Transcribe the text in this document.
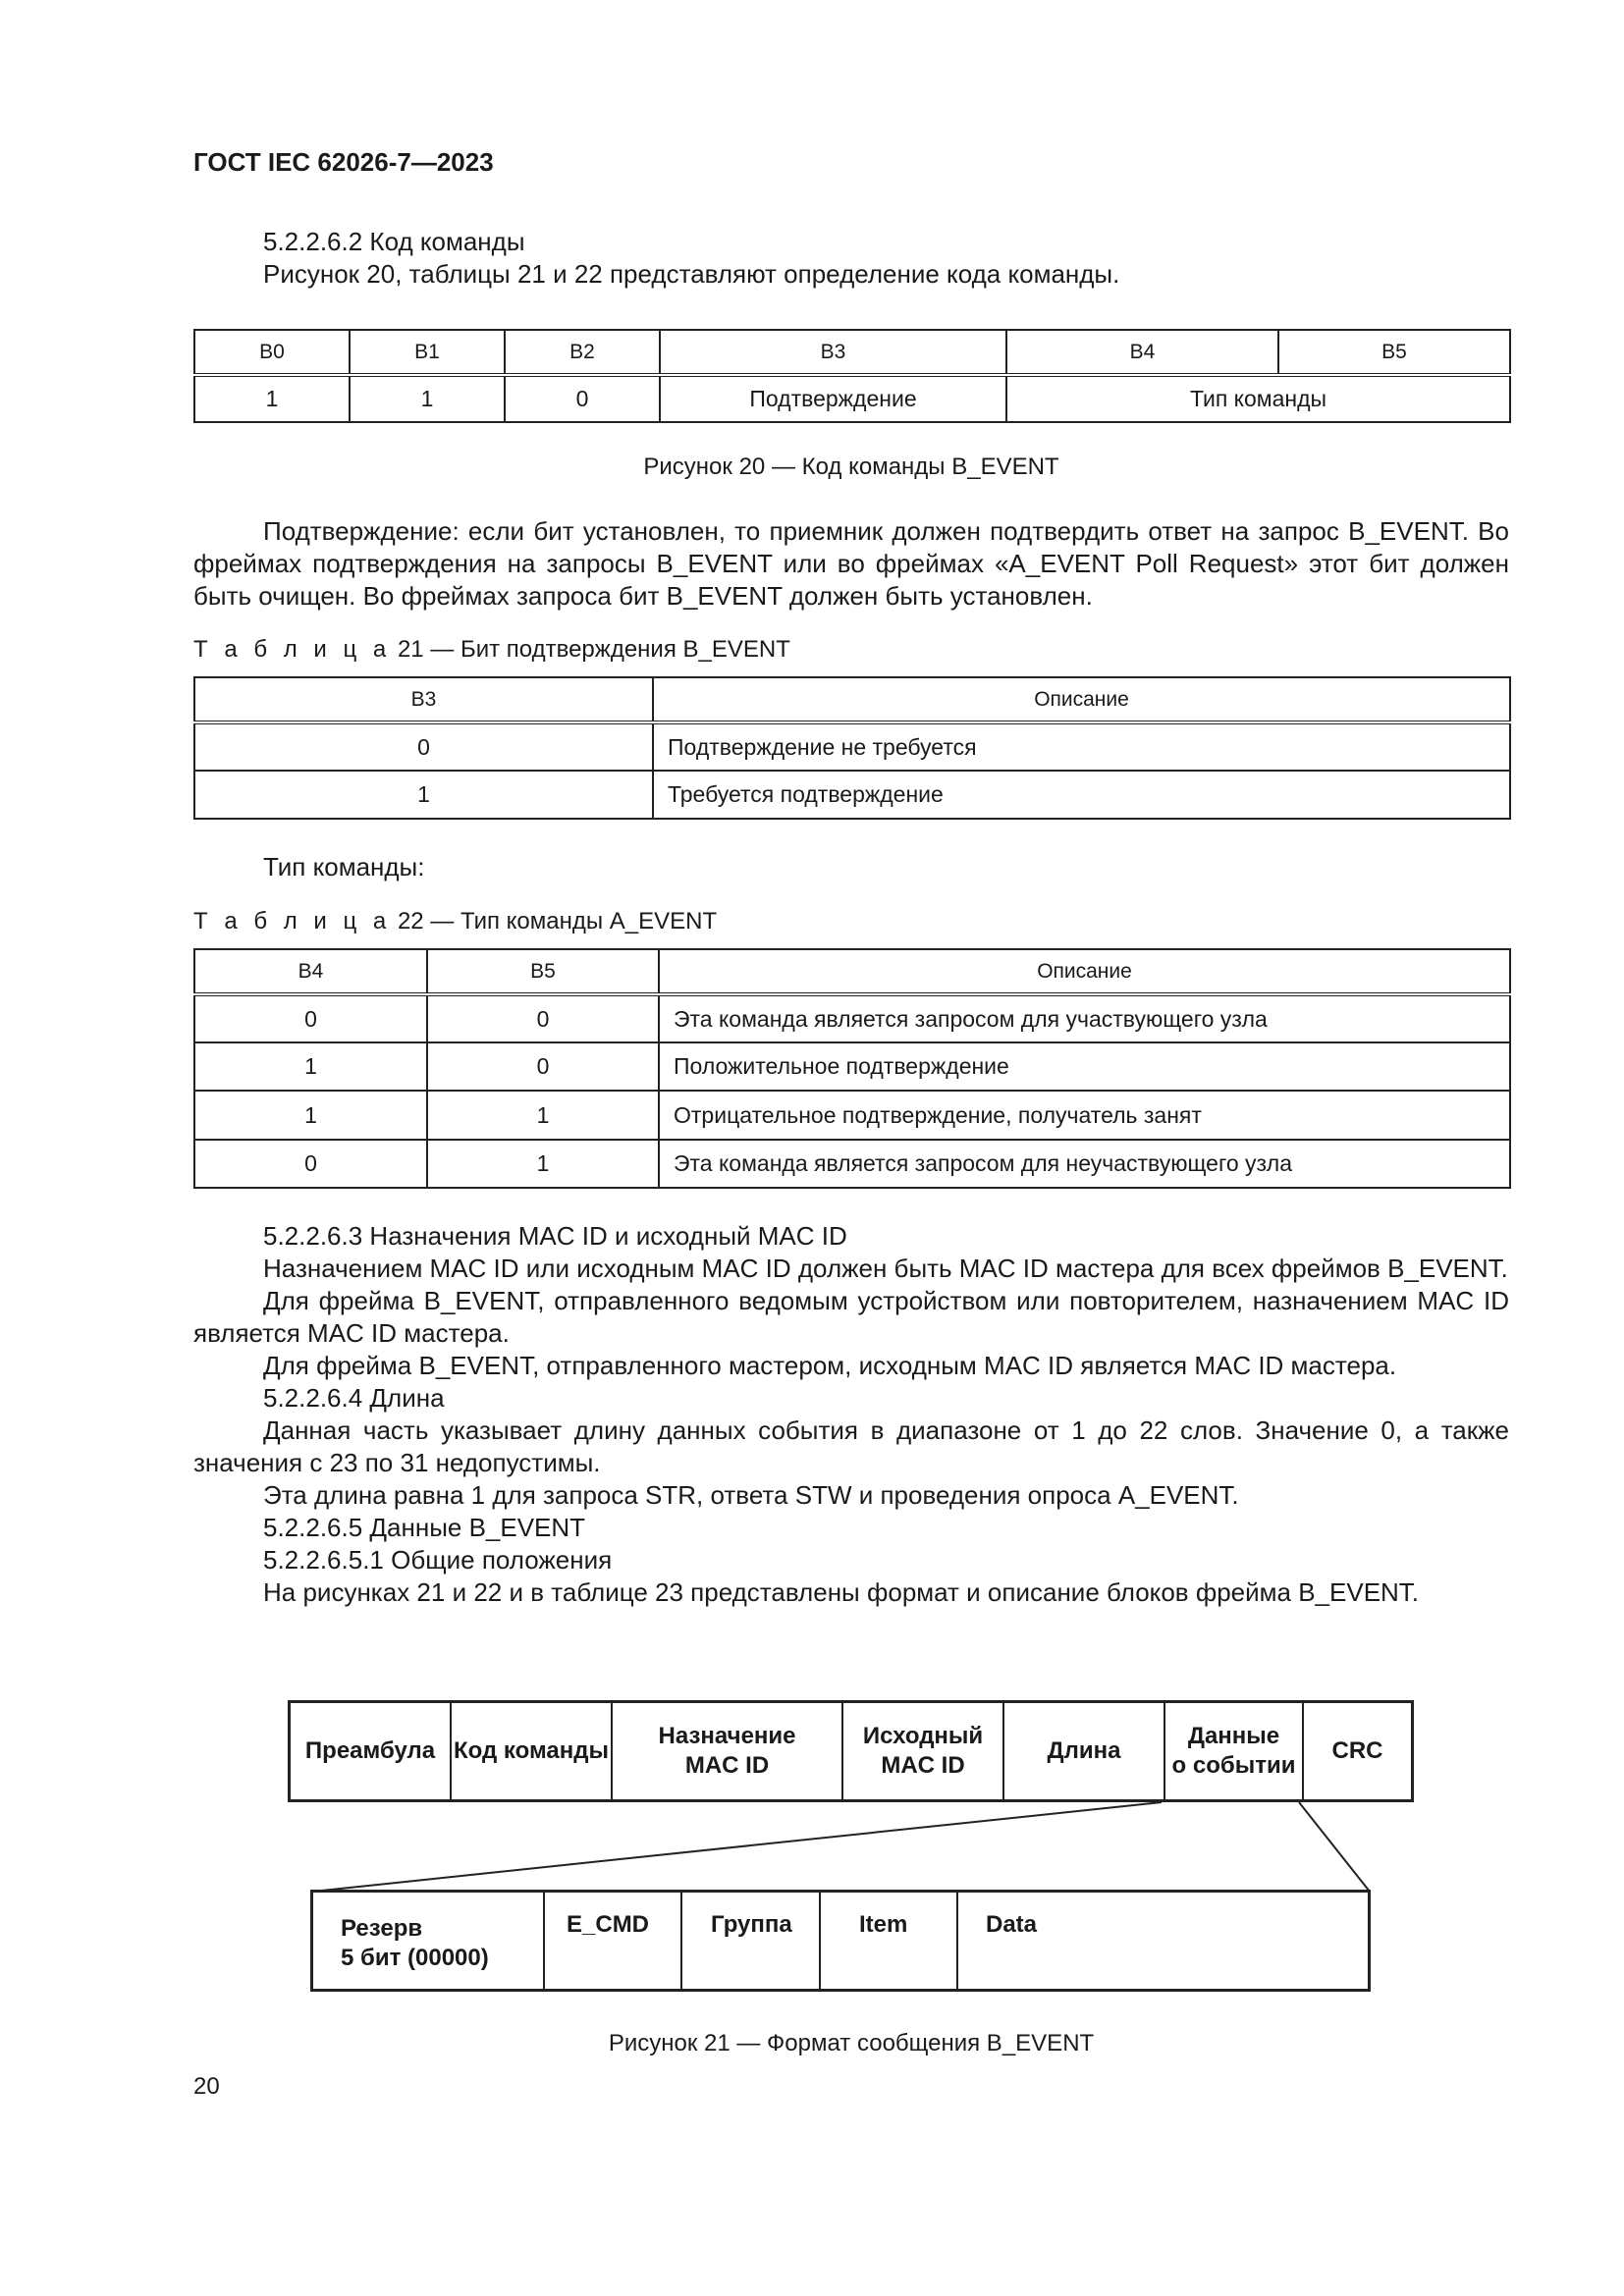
ГОСТ IEC 62026-7—2023
5.2.2.6.2 Код команды
Рисунок 20, таблицы 21 и 22 представляют определение кода команды.
B0	B1	B2	B3	B4	B5
1	1	0	Подтверждение	Тип команды	
Рисунок 20 — Код команды B_EVENT
Подтверждение: если бит установлен, то приемник должен подтвердить ответ на запрос B_EVENT. Во фреймах подтверждения на запросы B_EVENT или во фреймах «A_EVENT Poll Request» этот бит должен быть очищен. Во фреймах запроса бит B_EVENT должен быть установлен.
Т а б л и ц а 21 — Бит подтверждения B_EVENT
B3	Описание
0	Подтверждение не требуется
1	Требуется подтверждение
Тип команды:
Т а б л и ц а 22 — Тип команды A_EVENT
B4	B5	Описание
0	0	Эта команда является запросом для участвующего узла
1	0	Положительное подтверждение
1	1	Отрицательное подтверждение, получатель занят
0	1	Эта команда является запросом для неучаствующего узла
5.2.2.6.3 Назначения MAC ID и исходный MAC ID
Назначением MAC ID или исходным MAC ID должен быть MAC ID мастера для всех фреймов B_EVENT.
Для фрейма B_EVENT, отправленного ведомым устройством или повторителем, назначением MAC ID является MAC ID мастера.
Для фрейма B_EVENT, отправленного мастером, исходным MAC ID является MAC ID мастера.
5.2.2.6.4 Длина
Данная часть указывает длину данных события в диапазоне от 1 до 22 слов. Значение 0, а также значения с 23 по 31 недопустимы.
Эта длина равна 1 для запроса STR, ответа STW и проведения опроса A_EVENT.
5.2.2.6.5 Данные B_EVENT
5.2.2.6.5.1 Общие положения
На рисунках 21 и 22 и в таблице 23 представлены формат и описание блоков фрейма B_EVENT.
Преамбула Код команды
Назначение
MAC ID
Исходный
MAC ID
Длина
Данные
о событии
CRC
Резерв
5 бит (00000)
E_CMD	Группа	Item	Data
Рисунок 21 — Формат сообщения B_EVENT
20
